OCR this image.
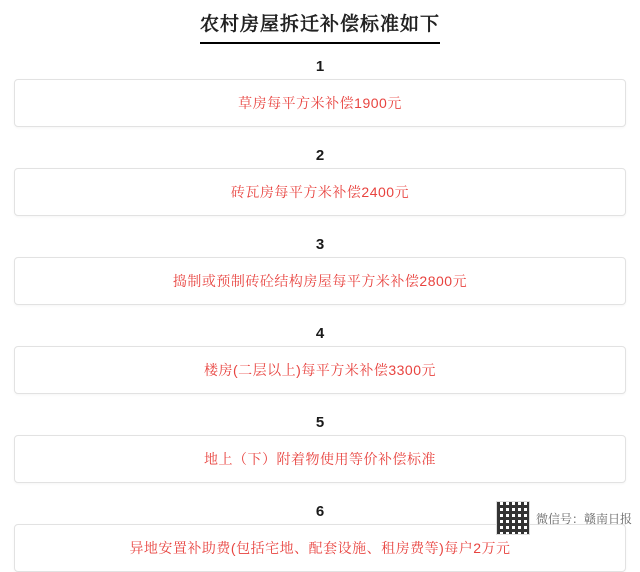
农村房屋拆迁补偿标准如下
1
草房每平方米补偿1900元
2
砖瓦房每平方米补偿2400元
3
捣制或预制砖砼结构房屋每平方米补偿2800元
4
楼房(二层以上)每平方米补偿3300元
5
地上（下）附着物使用等价补偿标准
6
异地安置补助费(包括宅地、配套设施、租房费等)每户2万元
微信号：赣南日报
